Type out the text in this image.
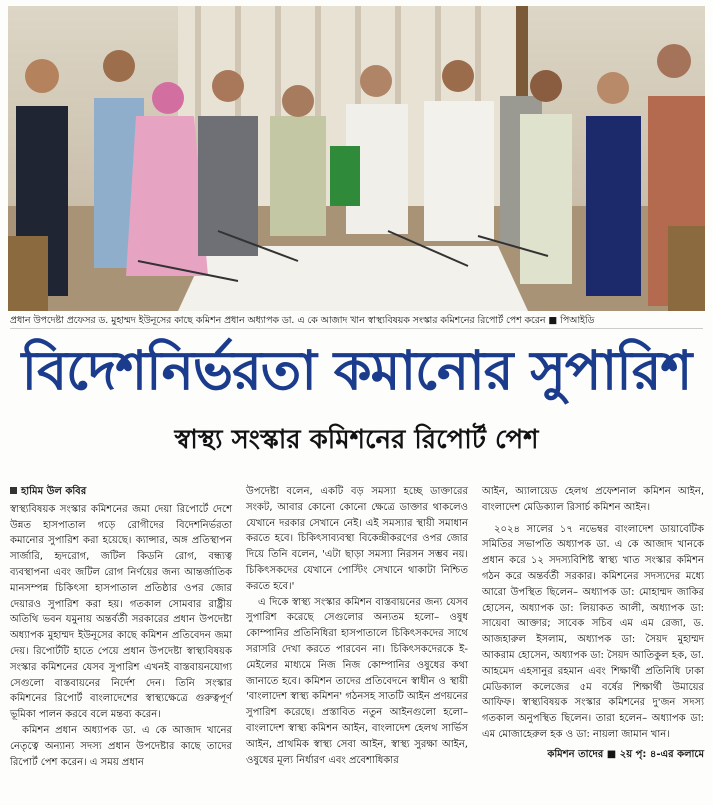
প্রধান উপদেষ্টা প্রফেসর ড. মুহাম্মদ ইউনূসের কাছে কমিশন প্রধান অধ্যাপক ডা. এ কে আজাদ খান স্বাস্থ্যবিষয়ক সংস্কার কমিশনের রিপোর্ট পেশ করেন ■ পিআইডি
বিদেশনির্ভরতা কমানোর সুপারিশ
স্বাস্থ্য সংস্কার কমিশনের রিপোর্ট পেশ

হামিম উল কবির

স্বাস্থ্যবিষয়ক সংস্কার কমিশনের জমা দেয়া রিপোর্টে দেশে উন্নত হাসপাতাল গড়ে রোগীদের বিদেশনির্ভরতা কমানোর সুপারিশ করা হয়েছে। ক্যান্সার, অঙ্গ প্রতিস্থাপন সার্জারি, হৃদরোগ, জটিল কিডনি রোগ, বন্ধ্যত্ব ব্যবস্থাপনা এবং জটিল রোগ নির্ণয়ের জন্য আন্তর্জাতিক মানসম্পন্ন চিকিৎসা হাসপাতাল প্রতিষ্ঠার ওপর জোর দেয়ারও সুপারিশ করা হয়। গতকাল সোমবার রাষ্ট্রীয় অতিথি ভবন যমুনায় অন্তর্বর্তী সরকারের প্রধান উপদেষ্টা অধ্যাপক মুহাম্মদ ইউনূসের কাছে কমিশন প্রতিবেদন জমা দেয়। রিপোর্টটি হাতে পেয়ে প্রধান উপদেষ্টা স্বাস্থ্যবিষয়ক সংস্কার কমিশনের যেসব সুপারিশ এখনই বাস্তবায়নযোগ্য সেগুলো বাস্তবায়নের নির্দেশ দেন। তিনি সংস্কার কমিশনের রিপোর্ট বাংলাদেশের স্বাস্থ্যক্ষেত্রে গুরুত্বপূর্ণ ভূমিকা পালন করবে বলে মন্তব্য করেন।

কমিশন প্রধান অধ্যাপক ডা. এ কে আজাদ খানের নেতৃত্বে অন্যান্য সদস্য প্রধান উপদেষ্টার কাছে তাদের রিপোর্ট পেশ করেন। এ সময় প্রধান

উপদেষ্টা বলেন, একটি বড় সমস্যা হচ্ছে ডাক্তারের সংকট, আবার কোনো কোনো ক্ষেত্রে ডাক্তার থাকলেও যেখানে দরকার সেখানে নেই। এই সমস্যার স্থায়ী সমাধান করতে হবে। চিকিৎসাব্যবস্থা বিকেন্দ্রীকরণের ওপর জোর দিয়ে তিনি বলেন, 'এটা ছাড়া সমস্যা নিরসন সম্ভব নয়। চিকিৎসকদের যেখানে পোস্টিং সেখানে থাকাটা নিশ্চিত করতে হবে।'

এ দিকে স্বাস্থ্য সংস্কার কমিশন বাস্তবায়নের জন্য যেসব সুপারিশ করেছে সেগুলোর অন্যতম হলো– ওষুধ কোম্পানির প্রতিনিধিরা হাসপাতালে চিকিৎসকদের সাথে সরাসরি দেখা করতে পারবেন না। চিকিৎসকদেরকে ই-মেইলের মাধ্যমে নিজ নিজ কোম্পানির ওষুধের কথা জানাতে হবে। কমিশন তাদের প্রতিবেদনে স্বাধীন ও স্থায়ী 'বাংলাদেশ স্বাস্থ্য কমিশন' গঠনসহ সাতটি আইন প্রণয়নের সুপারিশ করেছে। প্রস্তাবিত নতুন আইনগুলো হলো– বাংলাদেশ স্বাস্থ্য কমিশন আইন, বাংলাদেশ হেলথ সার্ভিস আইন, প্রাথমিক স্বাস্থ্য সেবা আইন, স্বাস্থ্য সুরক্ষা আইন, ওষুধের মূল্য নির্ধারণ এবং প্রবেশাধিকার

আইন, অ্যালায়েড হেলথ প্রফেশনাল কমিশন আইন, বাংলাদেশ মেডিক্যাল রিসার্চ কমিশন আইন।

২০২৪ সালের ১৭ নভেম্বর বাংলাদেশ ডায়াবেটিক সমিতির সভাপতি অধ্যাপক ডা. এ কে আজাদ খানকে প্রধান করে ১২ সদস্যবিশিষ্ট স্বাস্থ্য খাত সংস্কার কমিশন গঠন করে অন্তর্বর্তী সরকার। কমিশনের সদস্যদের মধ্যে আরো উপস্থিত ছিলেন– অধ্যাপক ডা: মোহাম্মদ জাকির হোসেন, অধ্যাপক ডা: লিয়াকত আলী, অধ্যাপক ডা: সায়েবা আক্তার; সাবেক সচিব এম এম রেজা, ড. আজহারুল ইসলাম, অধ্যাপক ডা: সৈয়দ মুহাম্মদ আকরাম হোসেন, অধ্যাপক ডা: সৈয়দ আতিকুল হক, ডা. আহমেদ এহসানুর রহমান এবং শিক্ষার্থী প্রতিনিধি ঢাকা মেডিক্যাল কলেজের ৫ম বর্ষের শিক্ষার্থী উমায়ের আফিফ। স্বাস্থ্যবিষয়ক সংস্কার কমিশনের দু'জন সদস্য গতকাল অনুপস্থিত ছিলেন। তারা হলেন– অধ্যাপক ডা: এম মোজাহেরুল হক ও ডা: নায়লা জামান খান।

কমিশন তাদের ■ ২য় পৃ: ৪-এর কলামে
